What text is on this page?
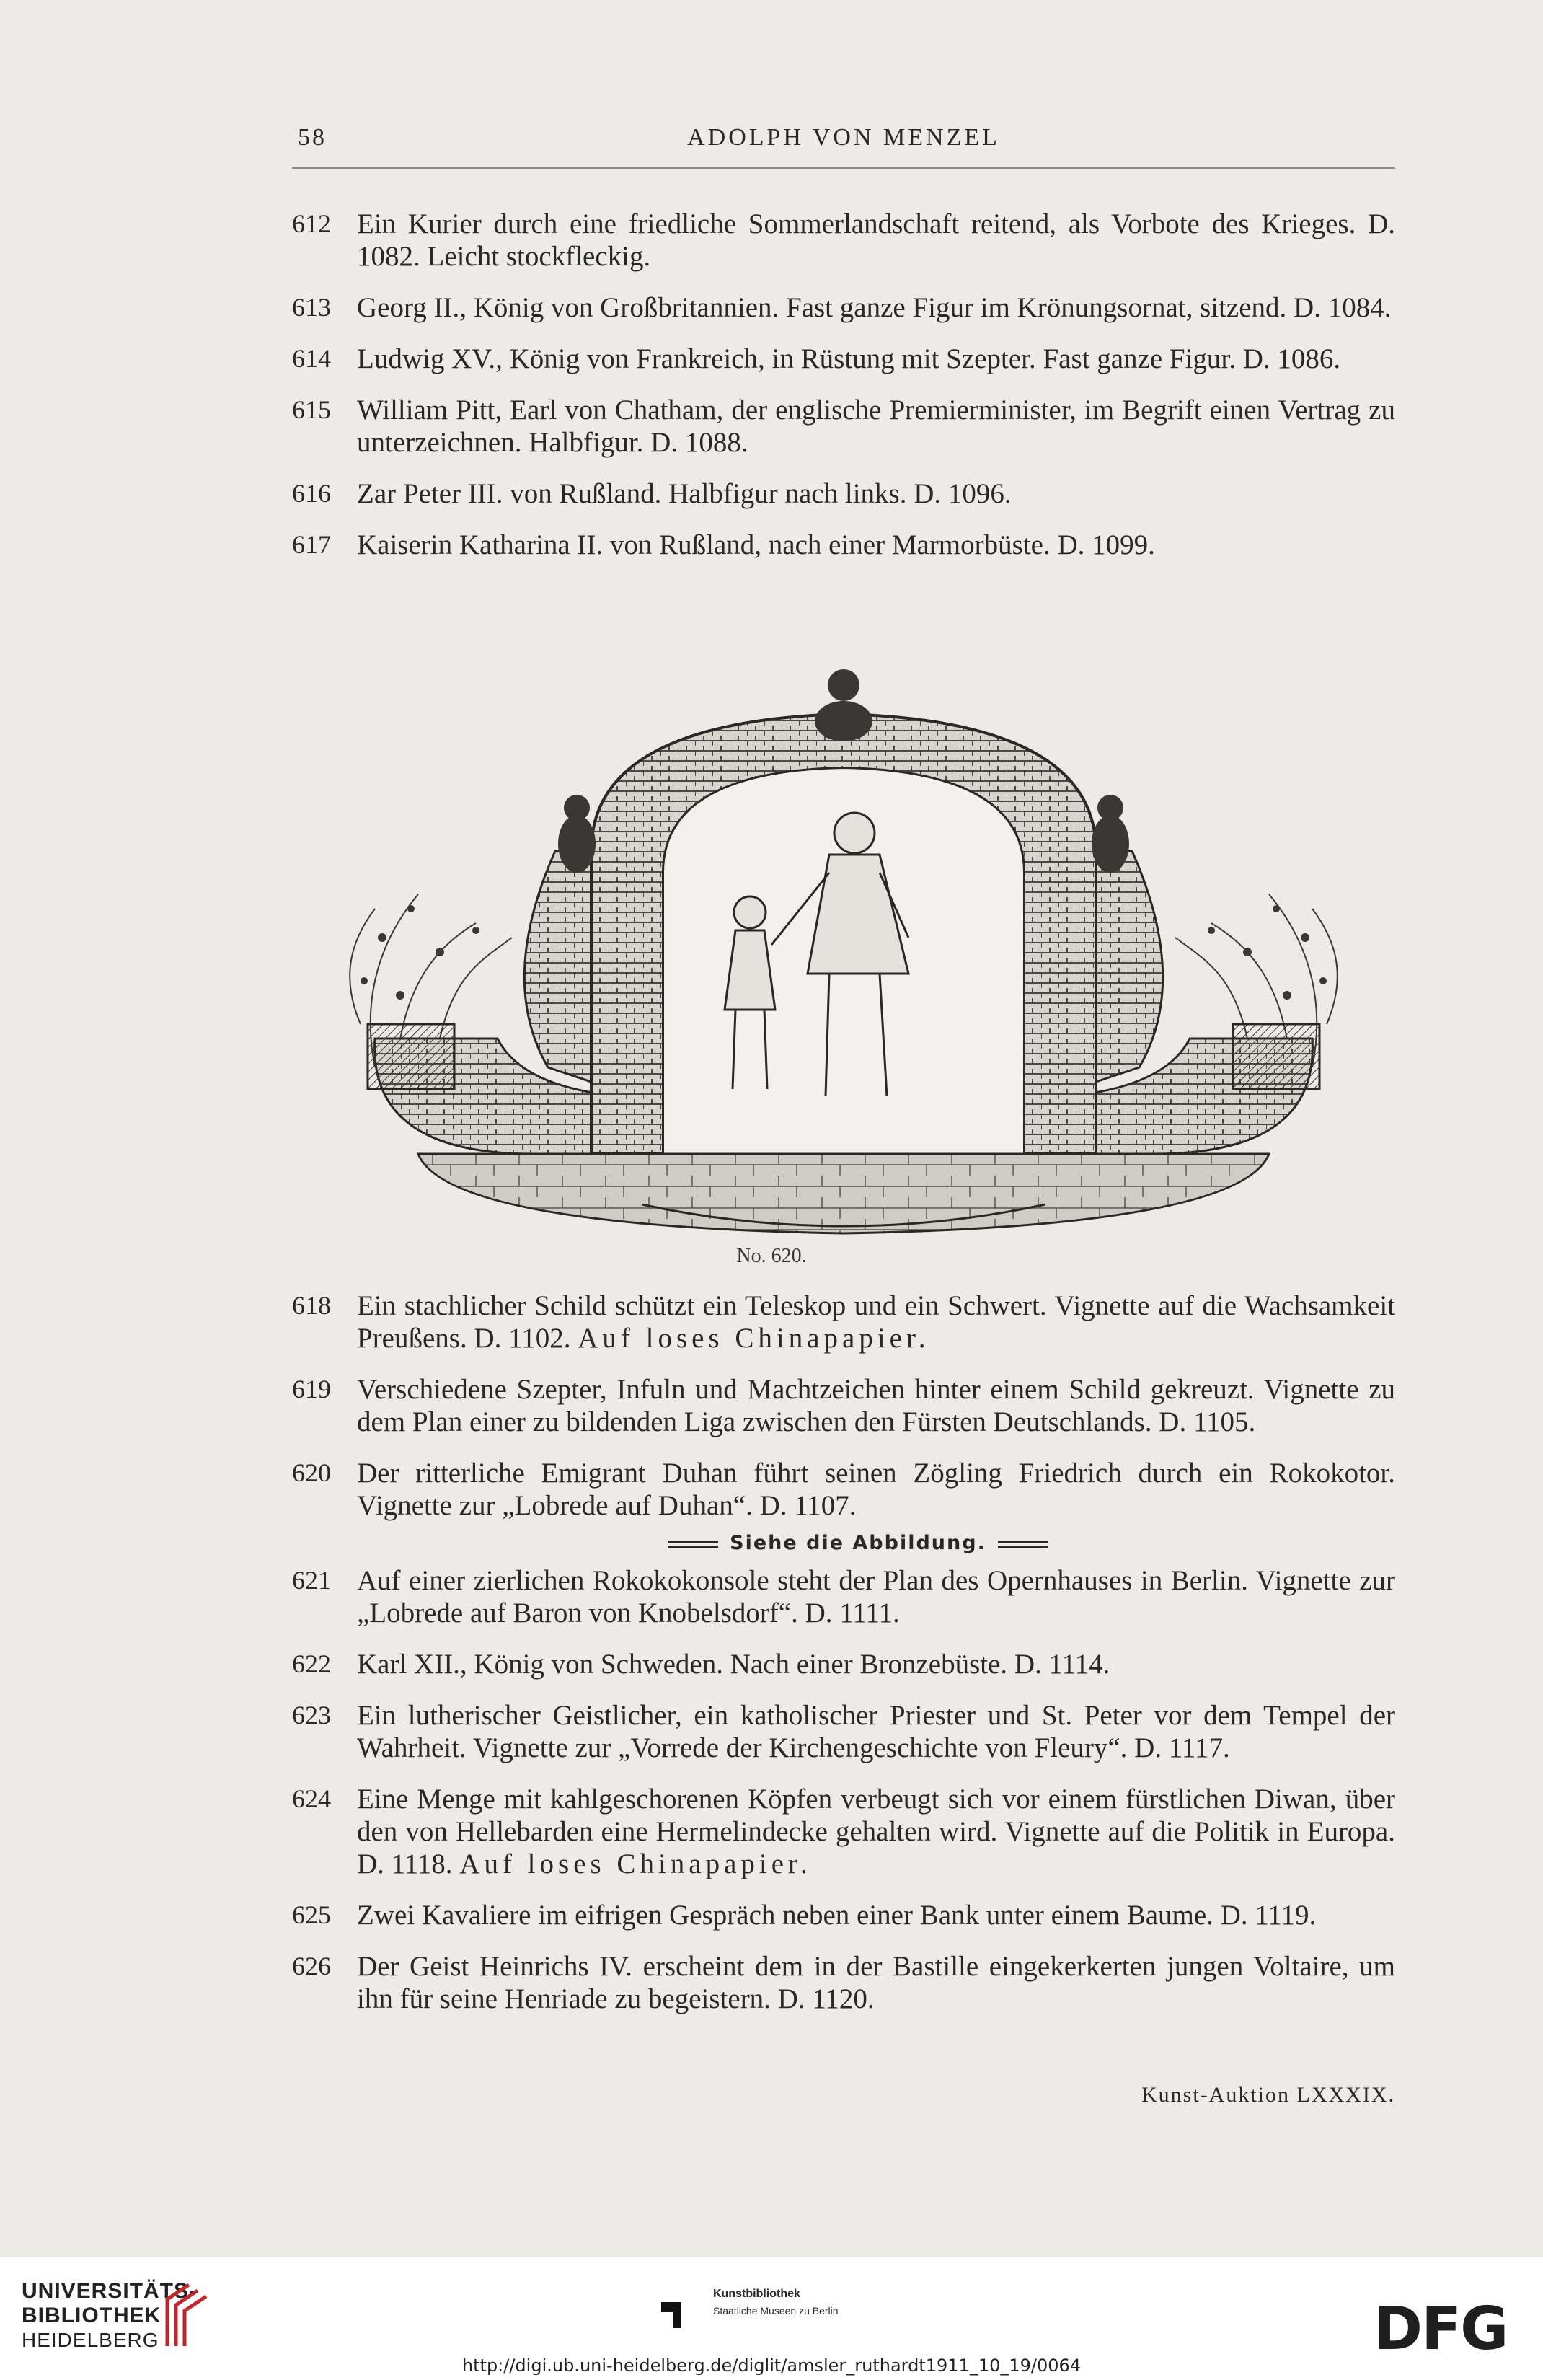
58	ADOLPH VON MENZEL
612 Ein Kurier durch eine friedliche Sommerlandschaft reitend, als Vorbote des Krieges. D. 1082. Leicht stockfleckig.
613 Georg II., König von Großbritannien. Fast ganze Figur im Krönungsornat, sitzend. D. 1084.
614 Ludwig XV., König von Frankreich, in Rüstung mit Szepter. Fast ganze Figur. D. 1086.
615 William Pitt, Earl von Chatham, der englische Premierminister, im Begrift einen Vertrag zu unterzeichnen. Halbfigur. D. 1088.
616 Zar Peter III. von Rußland. Halbfigur nach links. D. 1096.
617 Kaiserin Katharina II. von Rußland, nach einer Marmorbüste. D. 1099.
No. 620.
618 Ein stachlicher Schild schützt ein Teleskop und ein Schwert. Vignette auf die Wachsamkeit Preußens. D. 1102. Auf loses Chinapapier.
619 Verschiedene Szepter, Infuln und Machtzeichen hinter einem Schild gekreuzt. Vignette zu dem Plan einer zu bildenden Liga zwischen den Fürsten Deutschlands. D. 1105.
620 Der ritterliche Emigrant Duhan führt seinen Zögling Friedrich durch ein Rokokotor. Vignette zur „Lobrede auf Duhan“. D. 1107.
Siehe die Abbildung.
621 Auf einer zierlichen Rokokokonsole steht der Plan des Opernhauses in Berlin. Vignette zur „Lobrede auf Baron von Knobelsdorf“. D. 1111.
622 Karl XII., König von Schweden. Nach einer Bronzebüste. D. 1114.
623 Ein lutherischer Geistlicher, ein katholischer Priester und St. Peter vor dem Tempel der Wahrheit. Vignette zur „Vorrede der Kirchengeschichte von Fleury“. D. 1117.
624 Eine Menge mit kahlgeschorenen Köpfen verbeugt sich vor einem fürstlichen Diwan, über den von Hellebarden eine Hermelindecke gehalten wird. Vignette auf die Politik in Europa. D. 1118. Auf loses Chinapapier.
625 Zwei Kavaliere im eifrigen Gespräch neben einer Bank unter einem Baume. D. 1119.
626 Der Geist Heinrichs IV. erscheint dem in der Bastille eingekerkerten jungen Voltaire, um ihn für seine Henriade zu begeistern. D. 1120.
Kunst-Auktion LXXXIX.
UNIVERSITÄTS-
BIBLIOTHEK
HEIDELBERG
Kunstbibliothek
Staatliche Museen zu Berlin	DFG
http://digi.ub.uni-heidelberg.de/diglit/amsler_ruthardt1911_10_19/0064
